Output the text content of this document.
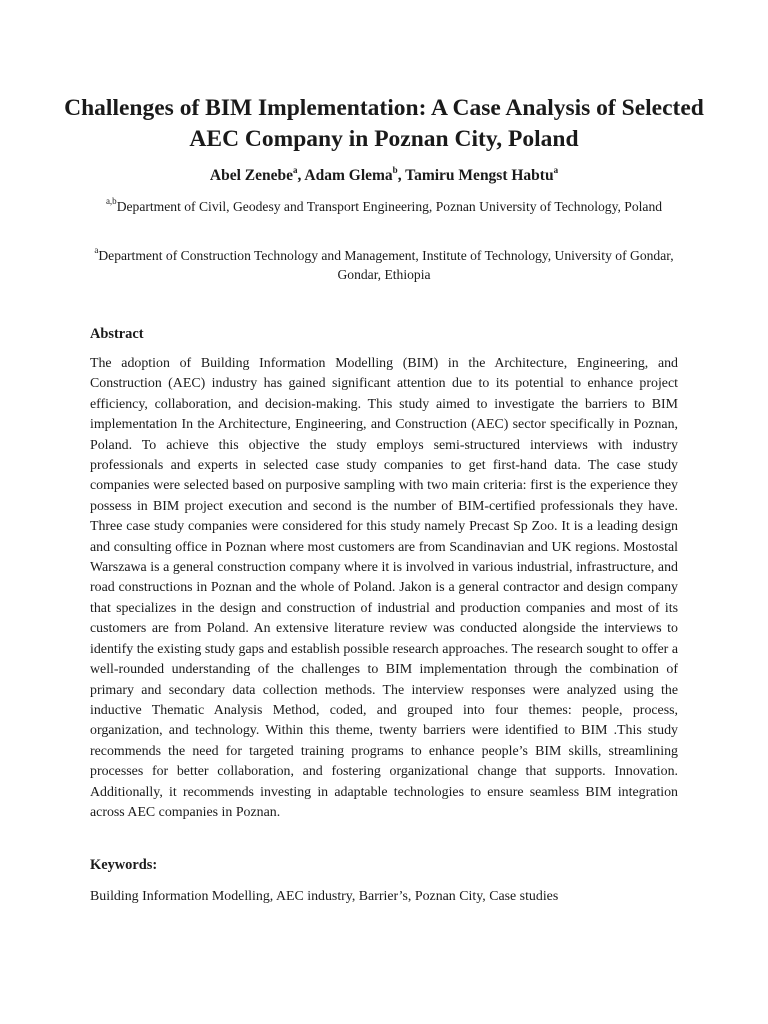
Challenges of BIM Implementation: A Case Analysis of Selected AEC Company in Poznan City, Poland
Abel Zenebe$^a$, Adam Glema$^b$, Tamiru Mengst Habtu$^a$
$^{a,b}$Department of Civil, Geodesy and Transport Engineering, Poznan University of Technology, Poland
$^a$Department of Construction Technology and Management, Institute of Technology, University of Gondar, Gondar, Ethiopia
Abstract

The adoption of Building Information Modelling (BIM) in the Architecture, Engineering, and Construction (AEC) industry has gained significant attention due to its potential to enhance project efficiency, collaboration, and decision-making. This study aimed to investigate the barriers to BIM implementation In the Architecture, Engineering, and Construction (AEC) sector specifically in Poznan, Poland. To achieve this objective the study employs semi-structured interviews with industry professionals and experts in selected case study companies to get first-hand data. The case study companies were selected based on purposive sampling with two main criteria: first is the experience they possess in BIM project execution and second is the number of BIM-certified professionals they have. Three case study companies were considered for this study namely Precast Sp Zoo. It is a leading design and consulting office in Poznan where most customers are from Scandinavian and UK regions. Mostostal Warszawa is a general construction company where it is involved in various industrial, infrastructure, and road constructions in Poznan and the whole of Poland. Jakon is a general contractor and design company that specializes in the design and construction of industrial and production companies and most of its customers are from Poland. An extensive literature review was conducted alongside the interviews to identify the existing study gaps and establish possible research approaches. The research sought to offer a well-rounded understanding of the challenges to BIM implementation through the combination of primary and secondary data collection methods. The interview responses were analyzed using the inductive Thematic Analysis Method, coded, and grouped into four themes: people, process, organization, and technology. Within this theme, twenty barriers were identified to BIM .This study recommends the need for targeted training programs to enhance people’s BIM skills, streamlining processes for better collaboration, and fostering organizational change that supports. Innovation. Additionally, it recommends investing in adaptable technologies to ensure seamless BIM integration across AEC companies in Poznan.

Keywords:

Building Information Modelling, AEC industry, Barrier’s, Poznan City, Case studies
